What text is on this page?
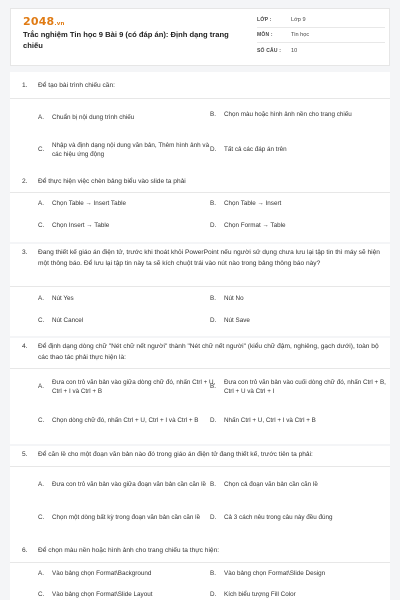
2048.vn
Trắc nghiệm Tin học 9 Bài 9 (có đáp án): Định dạng trang chiếu
LỚP :	Lớp 9
MÔN :	Tin học
SỐ CÂU :	10
1.	Để tạo bài trình chiếu cần:
A.	Chuẩn bị nội dung trình chiếu	B.	Chọn màu hoặc hình ảnh nền cho trang chiếu
C.
Nhập và định dạng nội dung văn bản, Thêm hình ảnh và các hiệu ứng động
D.	Tất cả các đáp án trên
2.	Để thực hiện việc chèn bảng biểu vào slide ta phải
A.	Chọn Table → Insert Table	B.	Chọn Table → Insert
C.	Chọn Insert → Table	D.	Chọn Format → Table
3.	Đang thiết kế giáo án điện tử, trước khi thoát khỏi PowerPoint nếu người sử dụng chưa lưu lại tập tin thì máy sẽ hiện một thông báo. Để lưu lại tập tin này ta sẽ kích chuột trái vào nút nào trong bảng thông báo này?
A.	Nút Yes	B.	Nút No
C.	Nút Cancel	D.	Nút Save
4.	Để định dạng dòng chữ "Nét chữ nết người" thành "Nét chữ nết người" (kiểu chữ đậm, nghiêng, gạch dưới), toàn bộ các thao tác phải thực hiện là:
A.
Đưa con trỏ văn bản vào giữa dòng chữ đó, nhấn Ctrl + U, Ctrl + I và Ctrl + B
B.
Đưa con trỏ văn bản vào cuối dòng chữ đó, nhấn Ctrl + B, Ctrl + U và Ctrl + I
C.	Chọn dòng chữ đó, nhấn Ctrl + U, Ctrl + I và Ctrl + B	D.	Nhấn Ctrl + U, Ctrl + I và Ctrl + B
5.	Để căn lề cho một đoạn văn bản nào đó trong giáo án điện tử đang thiết kế, trước tiên ta phải:
A.	Đưa con trỏ văn bản vào giữa đoạn văn bản cần căn lề B.	Chọn cả đoạn văn bản cần căn lề
C.	Chọn một dòng bất kỳ trong đoạn văn bản cần căn lề	D.	Cả 3 cách nêu trong câu này đều đúng
6.	Để chọn màu nền hoặc hình ảnh cho trang chiếu ta thực hiện:
A.	Vào bảng chọn Format\Background	B.	Vào bảng chọn Format\Slide Design
C.	Vào bảng chọn Format\Slide Layout	D.	Kích biểu tượng Fill Color
